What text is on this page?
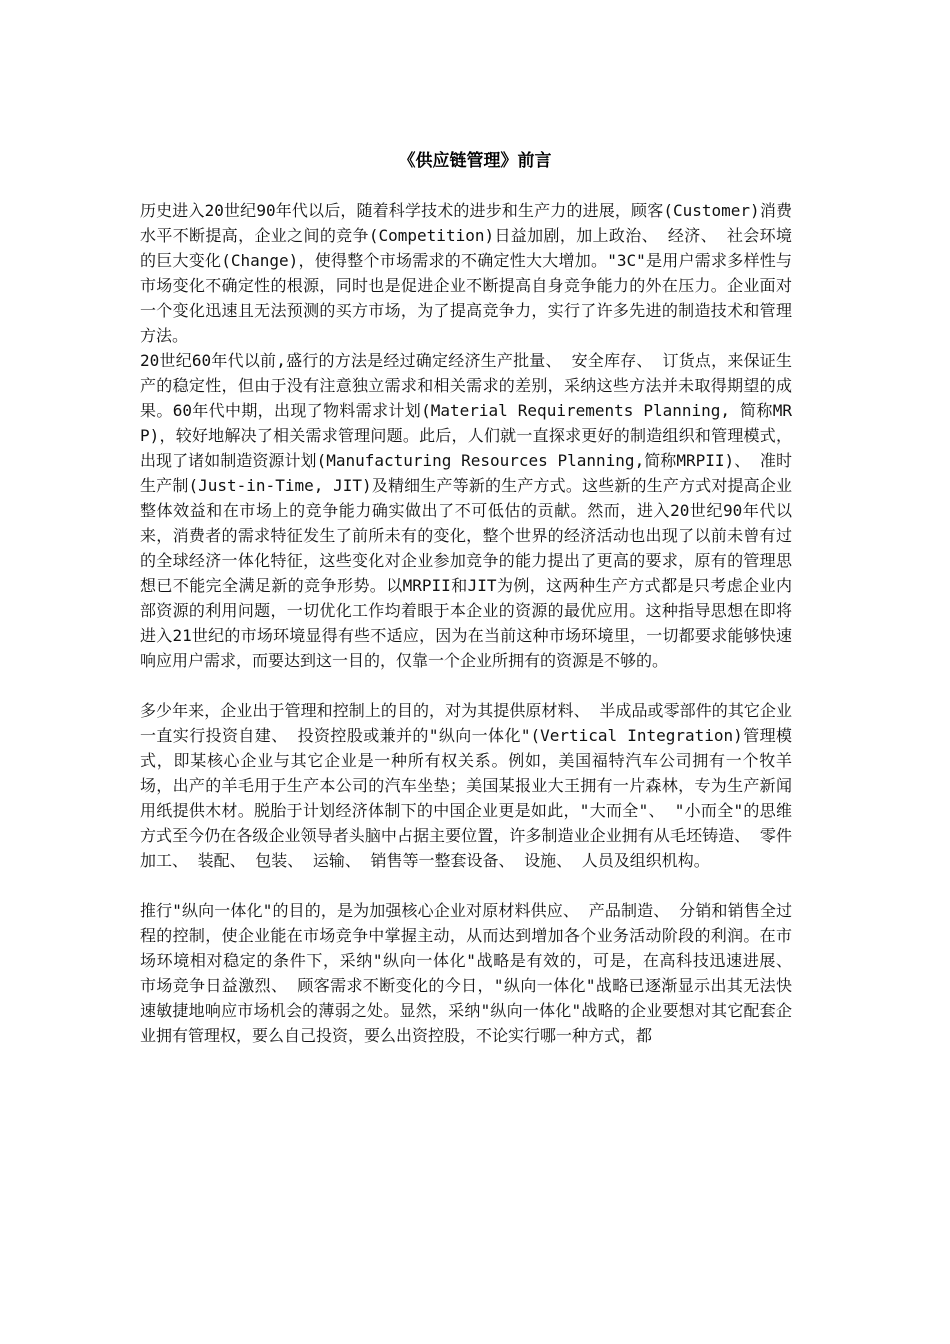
《供应链管理》前言

历史进入20世纪90年代以后，随着科学技术的进步和生产力的进展，顾客(Customer)消费水平不断提高，企业之间的竞争(Competition)日益加剧，加上政治、 经济、 社会环境的巨大变化(Change)，使得整个市场需求的不确定性大大增加。"3C"是用户需求多样性与市场变化不确定性的根源，同时也是促进企业不断提高自身竞争能力的外在压力。企业面对一个变化迅速且无法预测的买方市场，为了提高竞争力，实行了许多先进的制造技术和管理方法。

20世纪60年代以前,盛行的方法是经过确定经济生产批量、 安全库存、 订货点，来保证生产的稳定性，但由于没有注意独立需求和相关需求的差别，采纳这些方法并未取得期望的成果。60年代中期，出现了物料需求计划(Material Requirements Planning, 简称MRP)，较好地解决了相关需求管理问题。此后，人们就一直探求更好的制造组织和管理模式，出现了诸如制造资源计划(Manufacturing Resources Planning,简称MRPII)、 准时生产制(Just-in-Time, JIT)及精细生产等新的生产方式。这些新的生产方式对提高企业整体效益和在市场上的竞争能力确实做出了不可低估的贡献。然而，进入20世纪90年代以来，消费者的需求特征发生了前所未有的变化，整个世界的经济活动也出现了以前未曾有过的全球经济一体化特征，这些变化对企业参加竞争的能力提出了更高的要求，原有的管理思想已不能完全满足新的竞争形势。以MRPII和JIT为例，这两种生产方式都是只考虑企业内部资源的利用问题，一切优化工作均着眼于本企业的资源的最优应用。这种指导思想在即将进入21世纪的市场环境显得有些不适应，因为在当前这种市场环境里，一切都要求能够快速响应用户需求，而要达到这一目的，仅靠一个企业所拥有的资源是不够的。

多少年来，企业出于管理和控制上的目的，对为其提供原材料、 半成品或零部件的其它企业一直实行投资自建、 投资控股或兼并的"纵向一体化"(Vertical Integration)管理模式，即某核心企业与其它企业是一种所有权关系。例如，美国福特汽车公司拥有一个牧羊场，出产的羊毛用于生产本公司的汽车坐垫；美国某报业大王拥有一片森林，专为生产新闻用纸提供木材。脱胎于计划经济体制下的中国企业更是如此，"大而全"、 "小而全"的思维方式至今仍在各级企业领导者头脑中占据主要位置，许多制造业企业拥有从毛坯铸造、 零件加工、 装配、 包装、 运输、 销售等一整套设备、 设施、 人员及组织机构。

推行"纵向一体化"的目的，是为加强核心企业对原材料供应、 产品制造、 分销和销售全过程的控制，使企业能在市场竞争中掌握主动，从而达到增加各个业务活动阶段的利润。在市场环境相对稳定的条件下，采纳"纵向一体化"战略是有效的，可是，在高科技迅速进展、 市场竞争日益激烈、 顾客需求不断变化的今日，"纵向一体化"战略已逐渐显示出其无法快速敏捷地响应市场机会的薄弱之处。显然，采纳"纵向一体化"战略的企业要想对其它配套企业拥有管理权，要么自己投资，要么出资控股，不论实行哪一种方式，都
